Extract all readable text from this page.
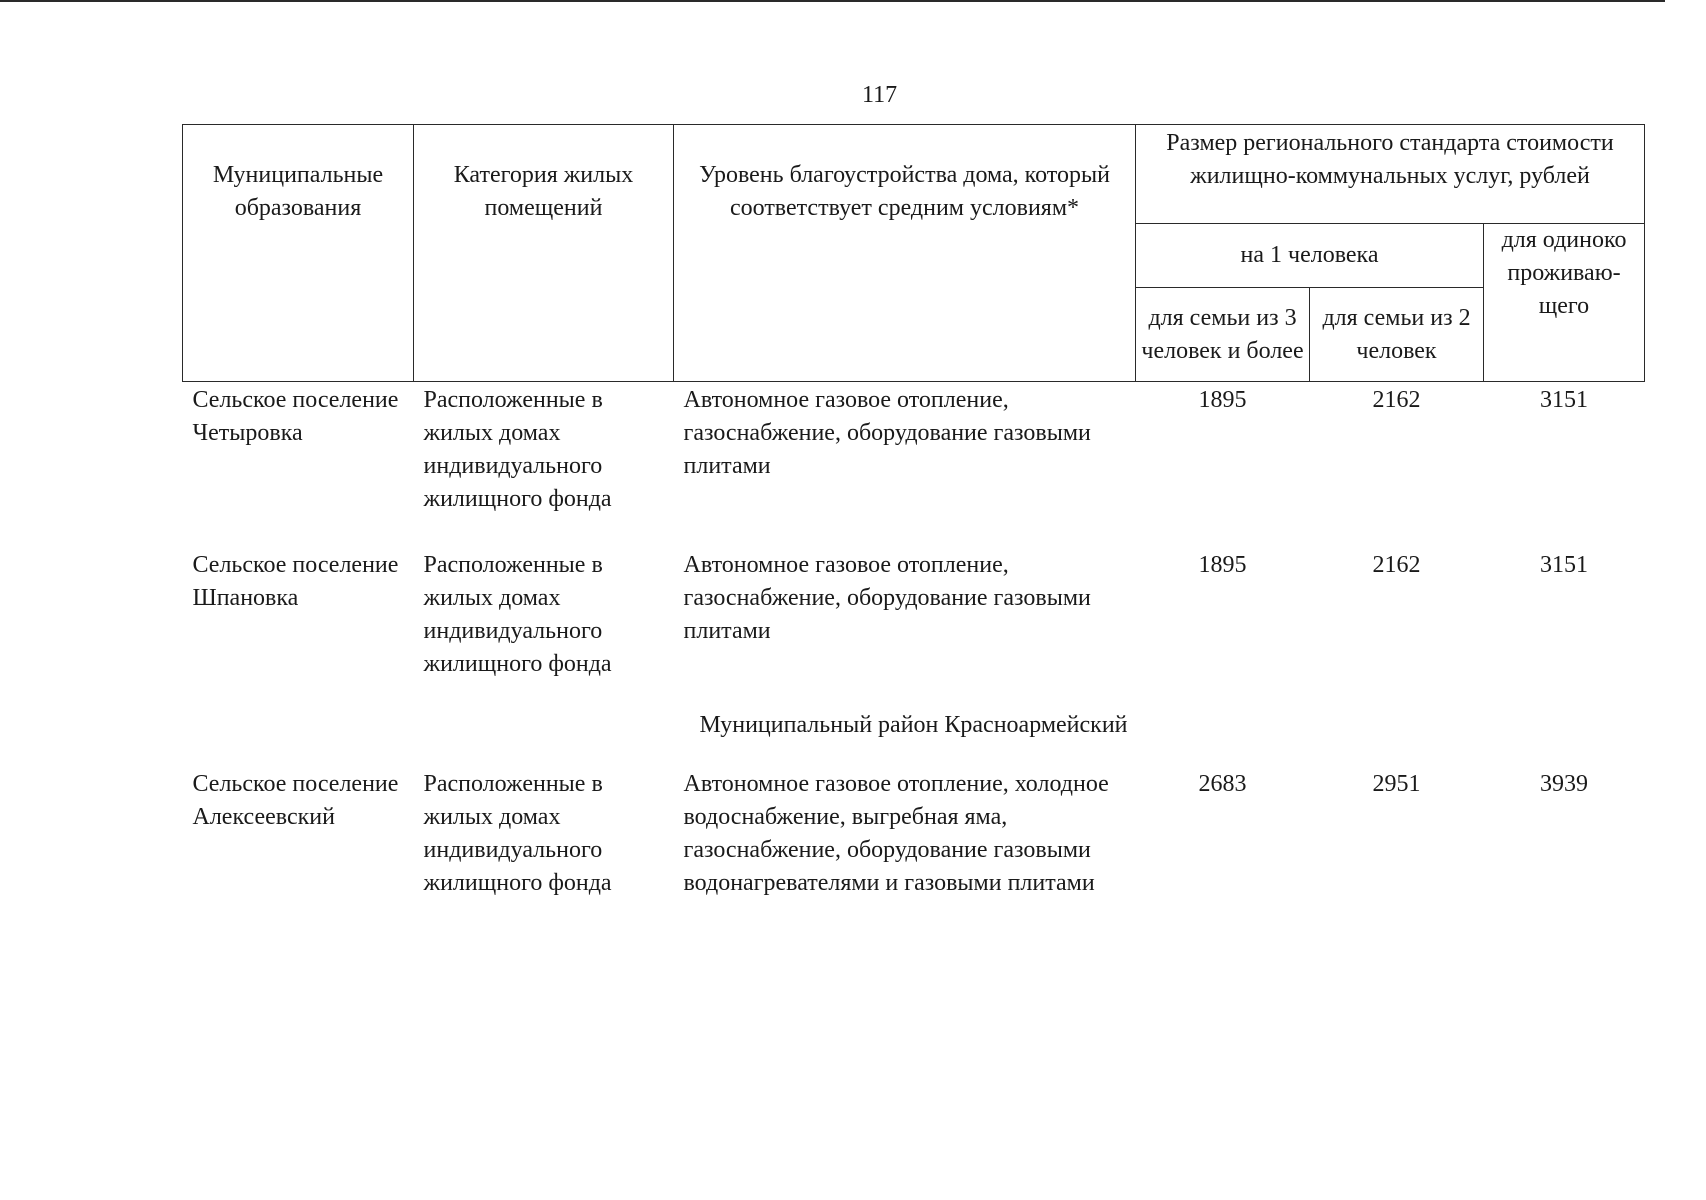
117
Муниципальные образования	Категория жилых помещений	Уровень благоустройства дома, который соответствует средним условиям*	Размер регионального стандарта стоимости жилищно-коммунальных услуг, рублей		
			на 1 человека		для одиноко проживаю-щего
			для семьи из 3 человек и более	для семьи из 2 человек	
Сельское поселение Четыровка	Расположенные в жилых домах индивидуального жилищного фонда	Автономное газовое отопление, газоснабжение, оборудование газовыми плитами	1895	2162	3151

Сельское поселение Шпановка	Расположенные в жилых домах индивидуального жилищного фонда	Автономное газовое отопление, газоснабжение, оборудование газовыми плитами	1895	2162	3151
Муниципальный район Красноармейский					
Сельское поселение Алексеевский	Расположенные в жилых домах индивидуального жилищного фонда	Автономное газовое отопление, холодное водоснабжение, выгребная яма, газоснабжение, оборудование газовыми водонагревателями и газовыми плитами	2683	2951	3939
